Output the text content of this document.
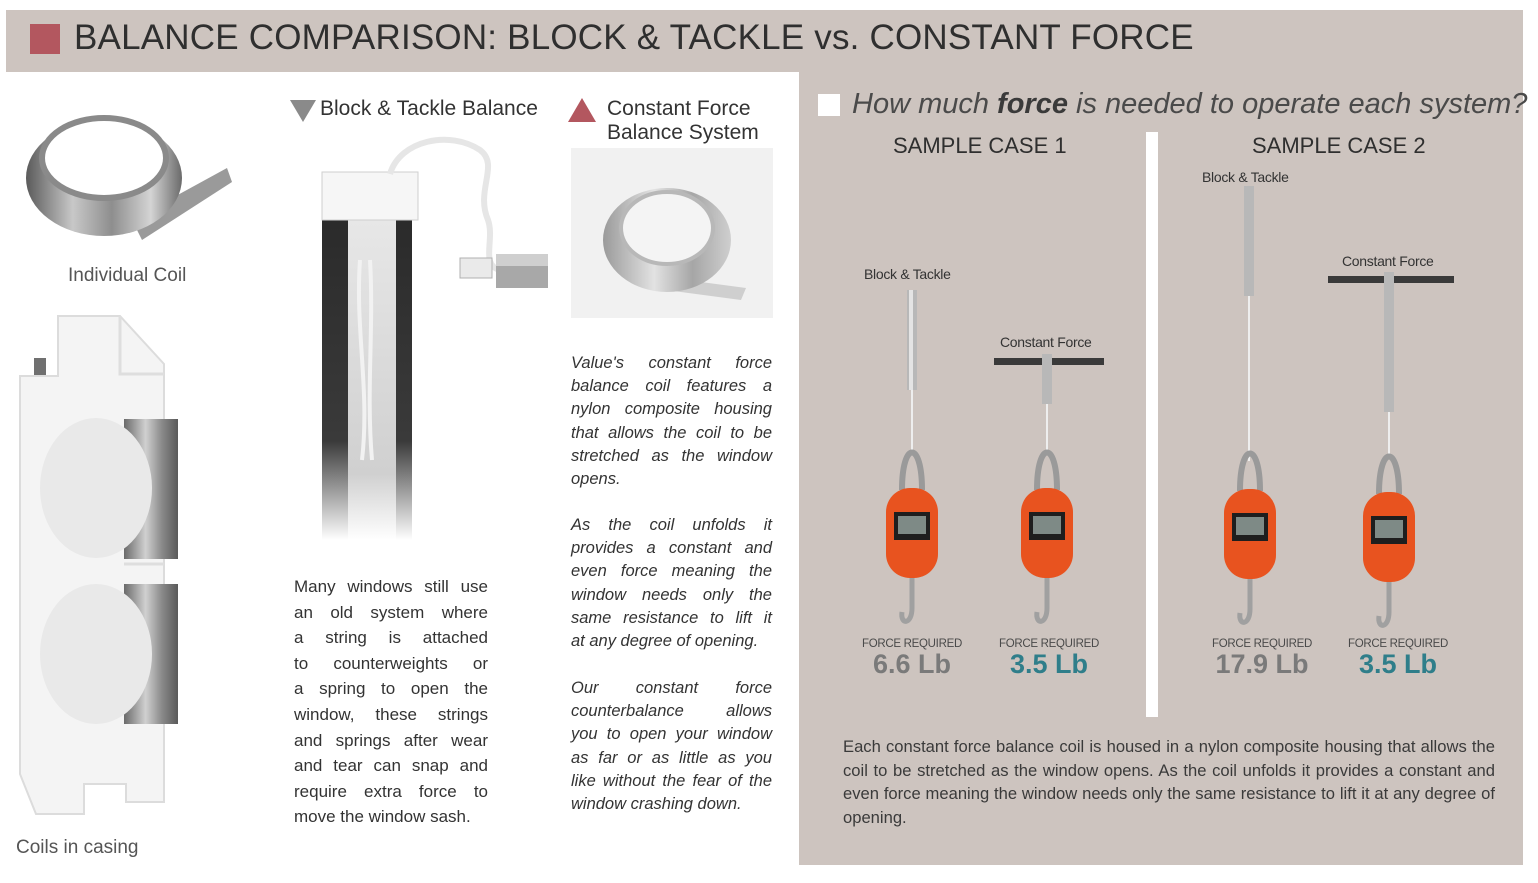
BALANCE COMPARISON: BLOCK & TACKLE vs. CONSTANT FORCE
Individual Coil
Coils in casing
Block & Tackle Balance
Many windows still use
an old system where
a string is attached
to counterweights or
a spring to open the
window, these strings
and springs after wear
and tear can snap and
require extra force to
move the window sash.
Constant Force
Balance System

Value's constant force

balance coil features a

nylon composite housing

that allows the coil to be

stretched as the window

opens.

As the coil unfolds it

provides a constant and

even force meaning the

window needs only the

same resistance to lift it

at any degree of opening.

Our constant force

counterbalance allows

you to open your window

as far or as little as you

like without the fear of the

window crashing down.

How much force is needed to operate each system?
SAMPLE CASE 1	SAMPLE CASE 2
Block & Tackle
Constant Force
Block & Tackle
Constant Force
FORCE REQUIRED
6.6 Lb
FORCE REQUIRED
3.5 Lb
FORCE REQUIRED
17.9 Lb
FORCE REQUIRED
3.5 Lb
Each constant force balance coil is housed in a nylon composite housing that allows the coil to be stretched as the window opens. As the coil unfolds it provides a constant and even force meaning the window needs only the same resistance to lift it at any degree of opening.
